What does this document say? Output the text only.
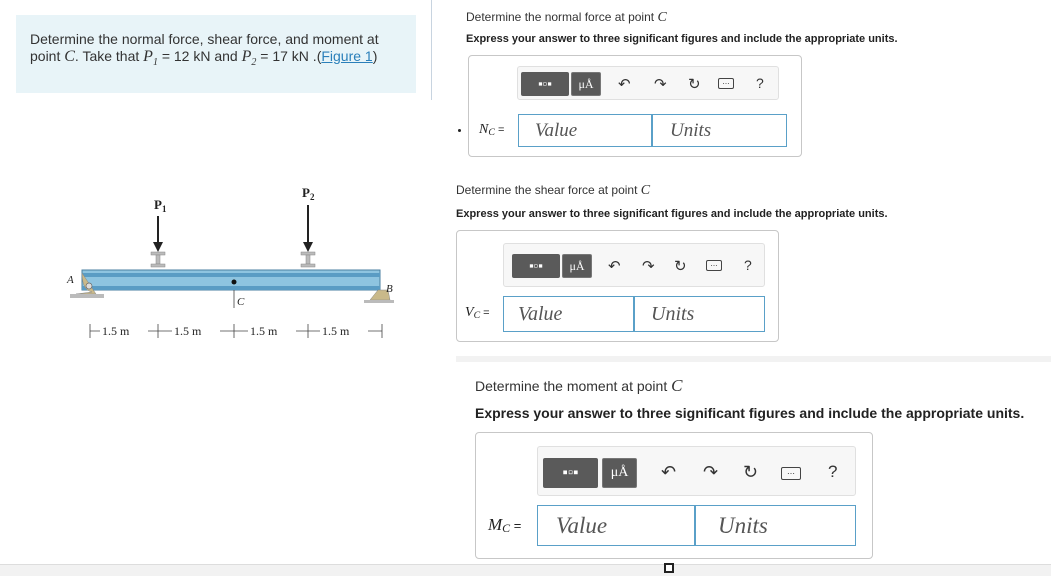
Determine the normal force, shear force, and moment at point C. Take that $P_1 = 12$ kN and $P_2 = 17$ kN .(Figure 1)
$P_1$
$P_2$
C
A
B
1.5 m	1.5 m	1.5 m	1.5 m
Determine the normal force at point C
Express your answer to three significant figures and include the appropriate units.
▪▫▪	μÅ	↶ ↷ ↻	⋯	?
$N_C$ =	Value	Units
Determine the shear force at point C
Express your answer to three significant figures and include the appropriate units.
▪▫▪	μÅ	↶ ↷ ↻	⋯	?
$V_C$ =	Value	Units
Determine the moment at point C
Express your answer to three significant figures and include the appropriate units.
▪▫▪	μÅ	↶ ↷ ↻	⋯	?
MC =	Value	Units
